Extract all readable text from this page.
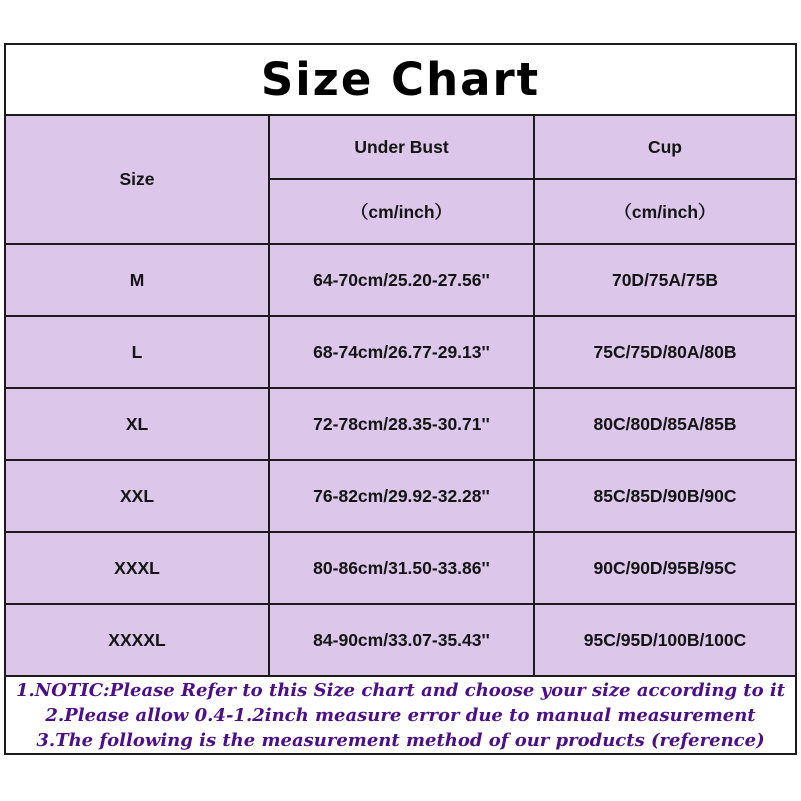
Size Chart		
Size	Under Bust	Cup
	（cm/inch）	（cm/inch）
M	64-70cm/25.20-27.56''	70D/75A/75B
L	68-74cm/26.77-29.13''	75C/75D/80A/80B
XL	72-78cm/28.35-30.71''	80C/80D/85A/85B
XXL	76-82cm/29.92-32.28''	85C/85D/90B/90C
XXXL	80-86cm/31.50-33.86''	90C/90D/95B/95C
XXXXL	84-90cm/33.07-35.43''	95C/95D/100B/100C

1.NOTIC:Please Refer to this Size chart and choose your size according to it
2.Please allow 0.4-1.2inch measure error due to manual measurement
3.The following is the measurement method of our products (reference)		
